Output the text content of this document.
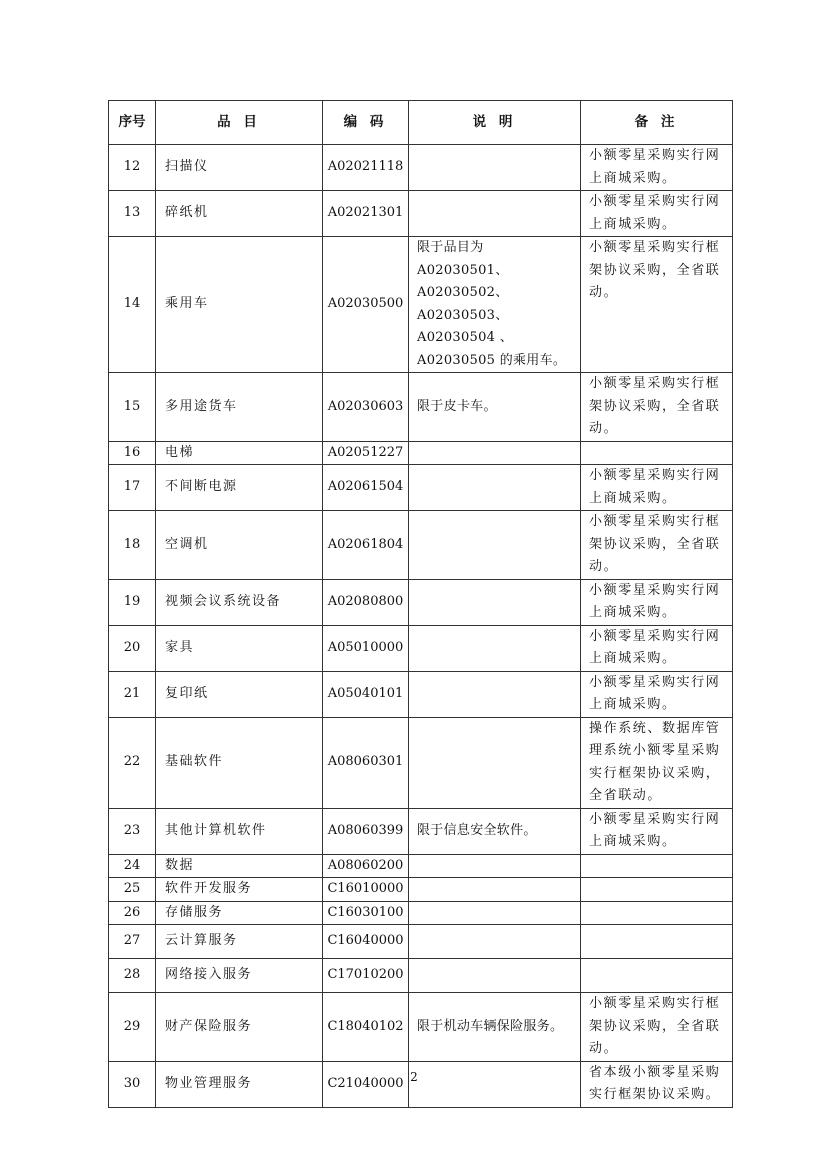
序号	品 目	编 码	说 明	备 注
12	扫描仪	A02021118		小额零星采购实行网上商城采购。
13	碎纸机	A02021301		小额零星采购实行网上商城采购。
14	乘用车	A02030500	限于品目为 A02030501、A02030502、A02030503、A02030504 、A02030505 的乘用车。	小额零星采购实行框架协议采购，全省联动。
15	多用途货车	A02030603	限于皮卡车。	小额零星采购实行框架协议采购，全省联动。
16	电梯	A02051227		
17	不间断电源	A02061504		小额零星采购实行网上商城采购。
18	空调机	A02061804		小额零星采购实行框架协议采购，全省联动。
19	视频会议系统设备	A02080800		小额零星采购实行网上商城采购。
20	家具	A05010000		小额零星采购实行网上商城采购。
21	复印纸	A05040101		小额零星采购实行网上商城采购。
22	基础软件	A08060301		操作系统、数据库管理系统小额零星采购实行框架协议采购，全省联动。
23	其他计算机软件	A08060399	限于信息安全软件。	小额零星采购实行网上商城采购。
24	数据	A08060200		
25	软件开发服务	C16010000		
26	存储服务	C16030100		
27	云计算服务	C16040000		
28	网络接入服务	C17010200		
29	财产保险服务	C18040102	限于机动车辆保险服务。	小额零星采购实行框架协议采购，全省联动。
30	物业管理服务	C21040000		省本级小额零星采购实行框架协议采购。
2
